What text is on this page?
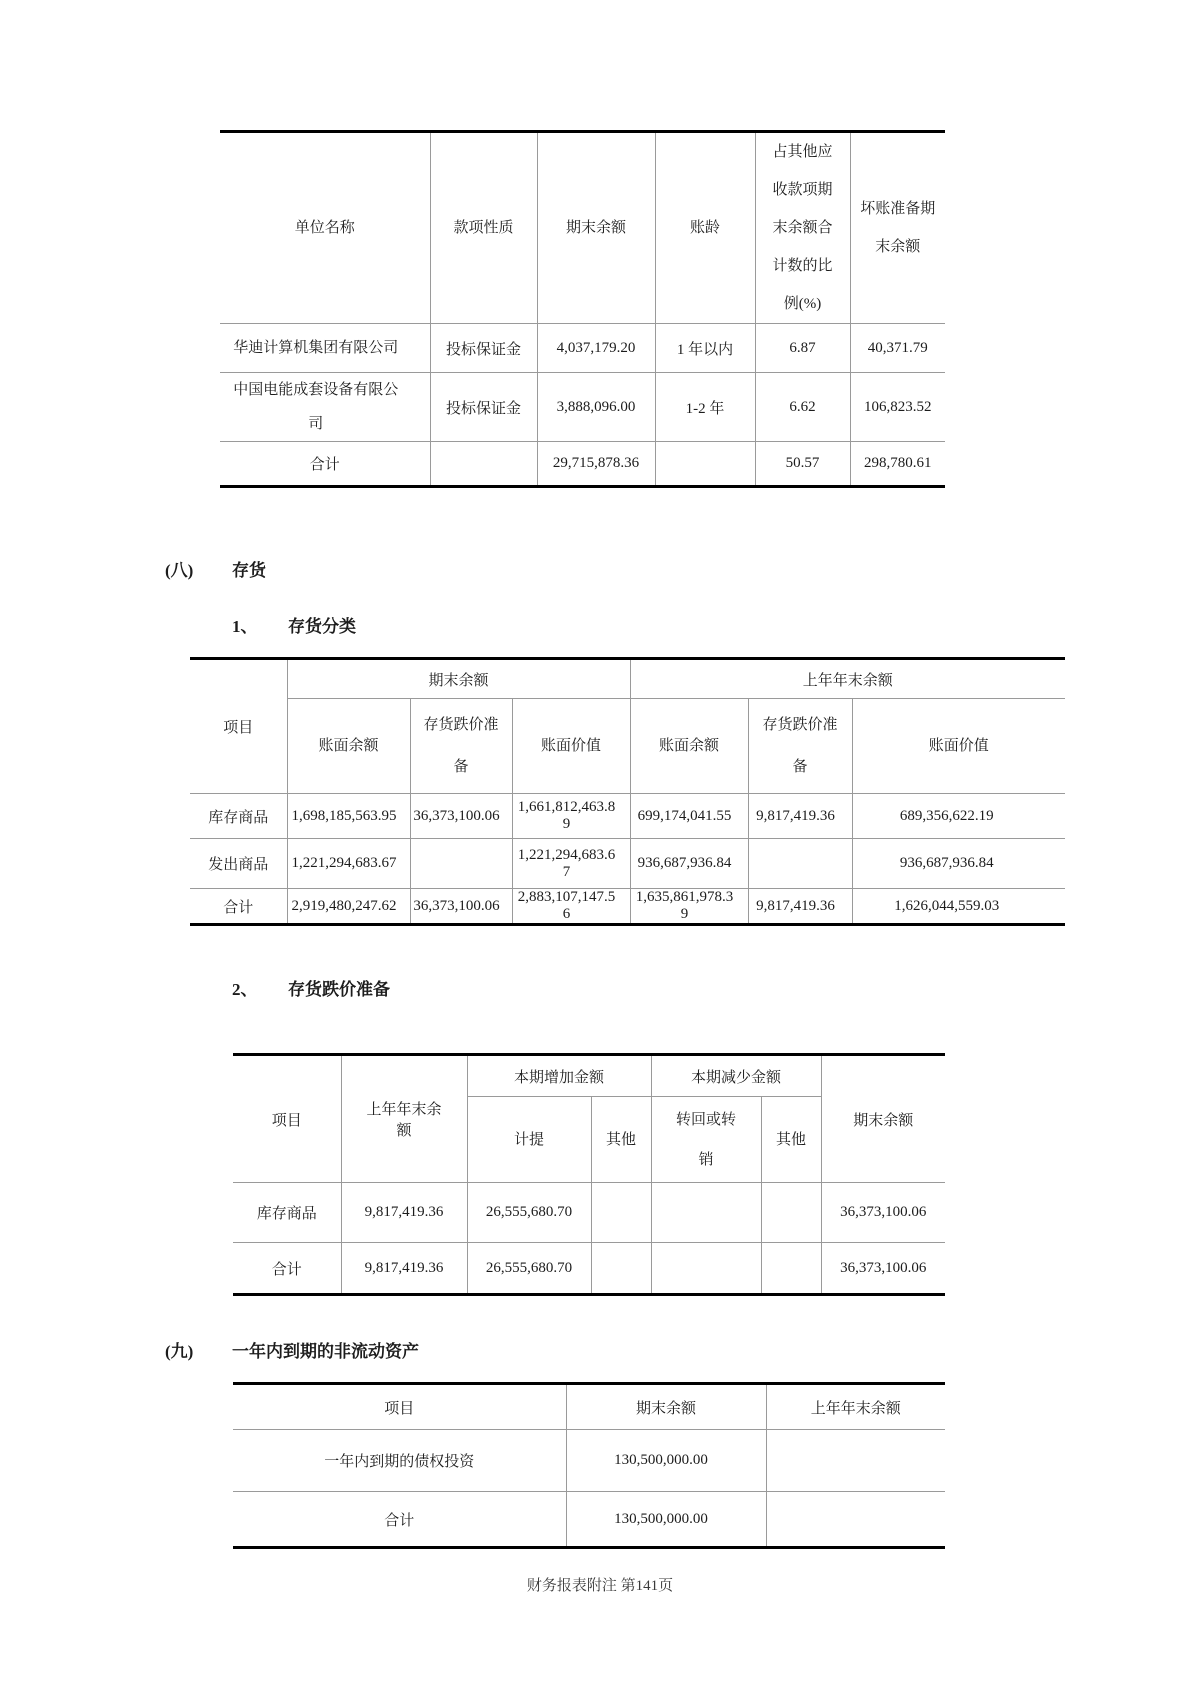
单位名称	款项性质	期末余额	账龄	占其他应收款项期末余额合计数的比例(%)	坏账准备期末余额
华迪计算机集团有限公司	投标保证金	4,037,179.20	1 年以内	6.87	40,371.79
中国电能成套设备有限公司	投标保证金	3,888,096.00	1-2 年	6.62	106,823.52
合计		29,715,878.36		50.57	298,780.61
(八) 存货
1、 存货分类
项目	期末余额			上年年末余额		
	账面余额	存货跌价准备	账面价值	账面余额	存货跌价准备	账面价值
库存商品	1,698,185,563.95	36,373,100.06	1,661,812,463.89	699,174,041.55	9,817,419.36	689,356,622.19
发出商品	1,221,294,683.67		1,221,294,683.67	936,687,936.84		936,687,936.84
合计	2,919,480,247.62	36,373,100.06	2,883,107,147.56	1,635,861,978.39	9,817,419.36	1,626,044,559.03
2、 存货跌价准备
项目	上年年末余额	本期增加金额		本期减少金额		期末余额
		计提	其他	转回或转销	其他	
库存商品	9,817,419.36	26,555,680.70				36,373,100.06
合计	9,817,419.36	26,555,680.70				36,373,100.06
(九) 一年内到期的非流动资产
项目	期末余额	上年年末余额
一年内到期的债权投资	130,500,000.00	
合计	130,500,000.00	
财务报表附注 第141页
